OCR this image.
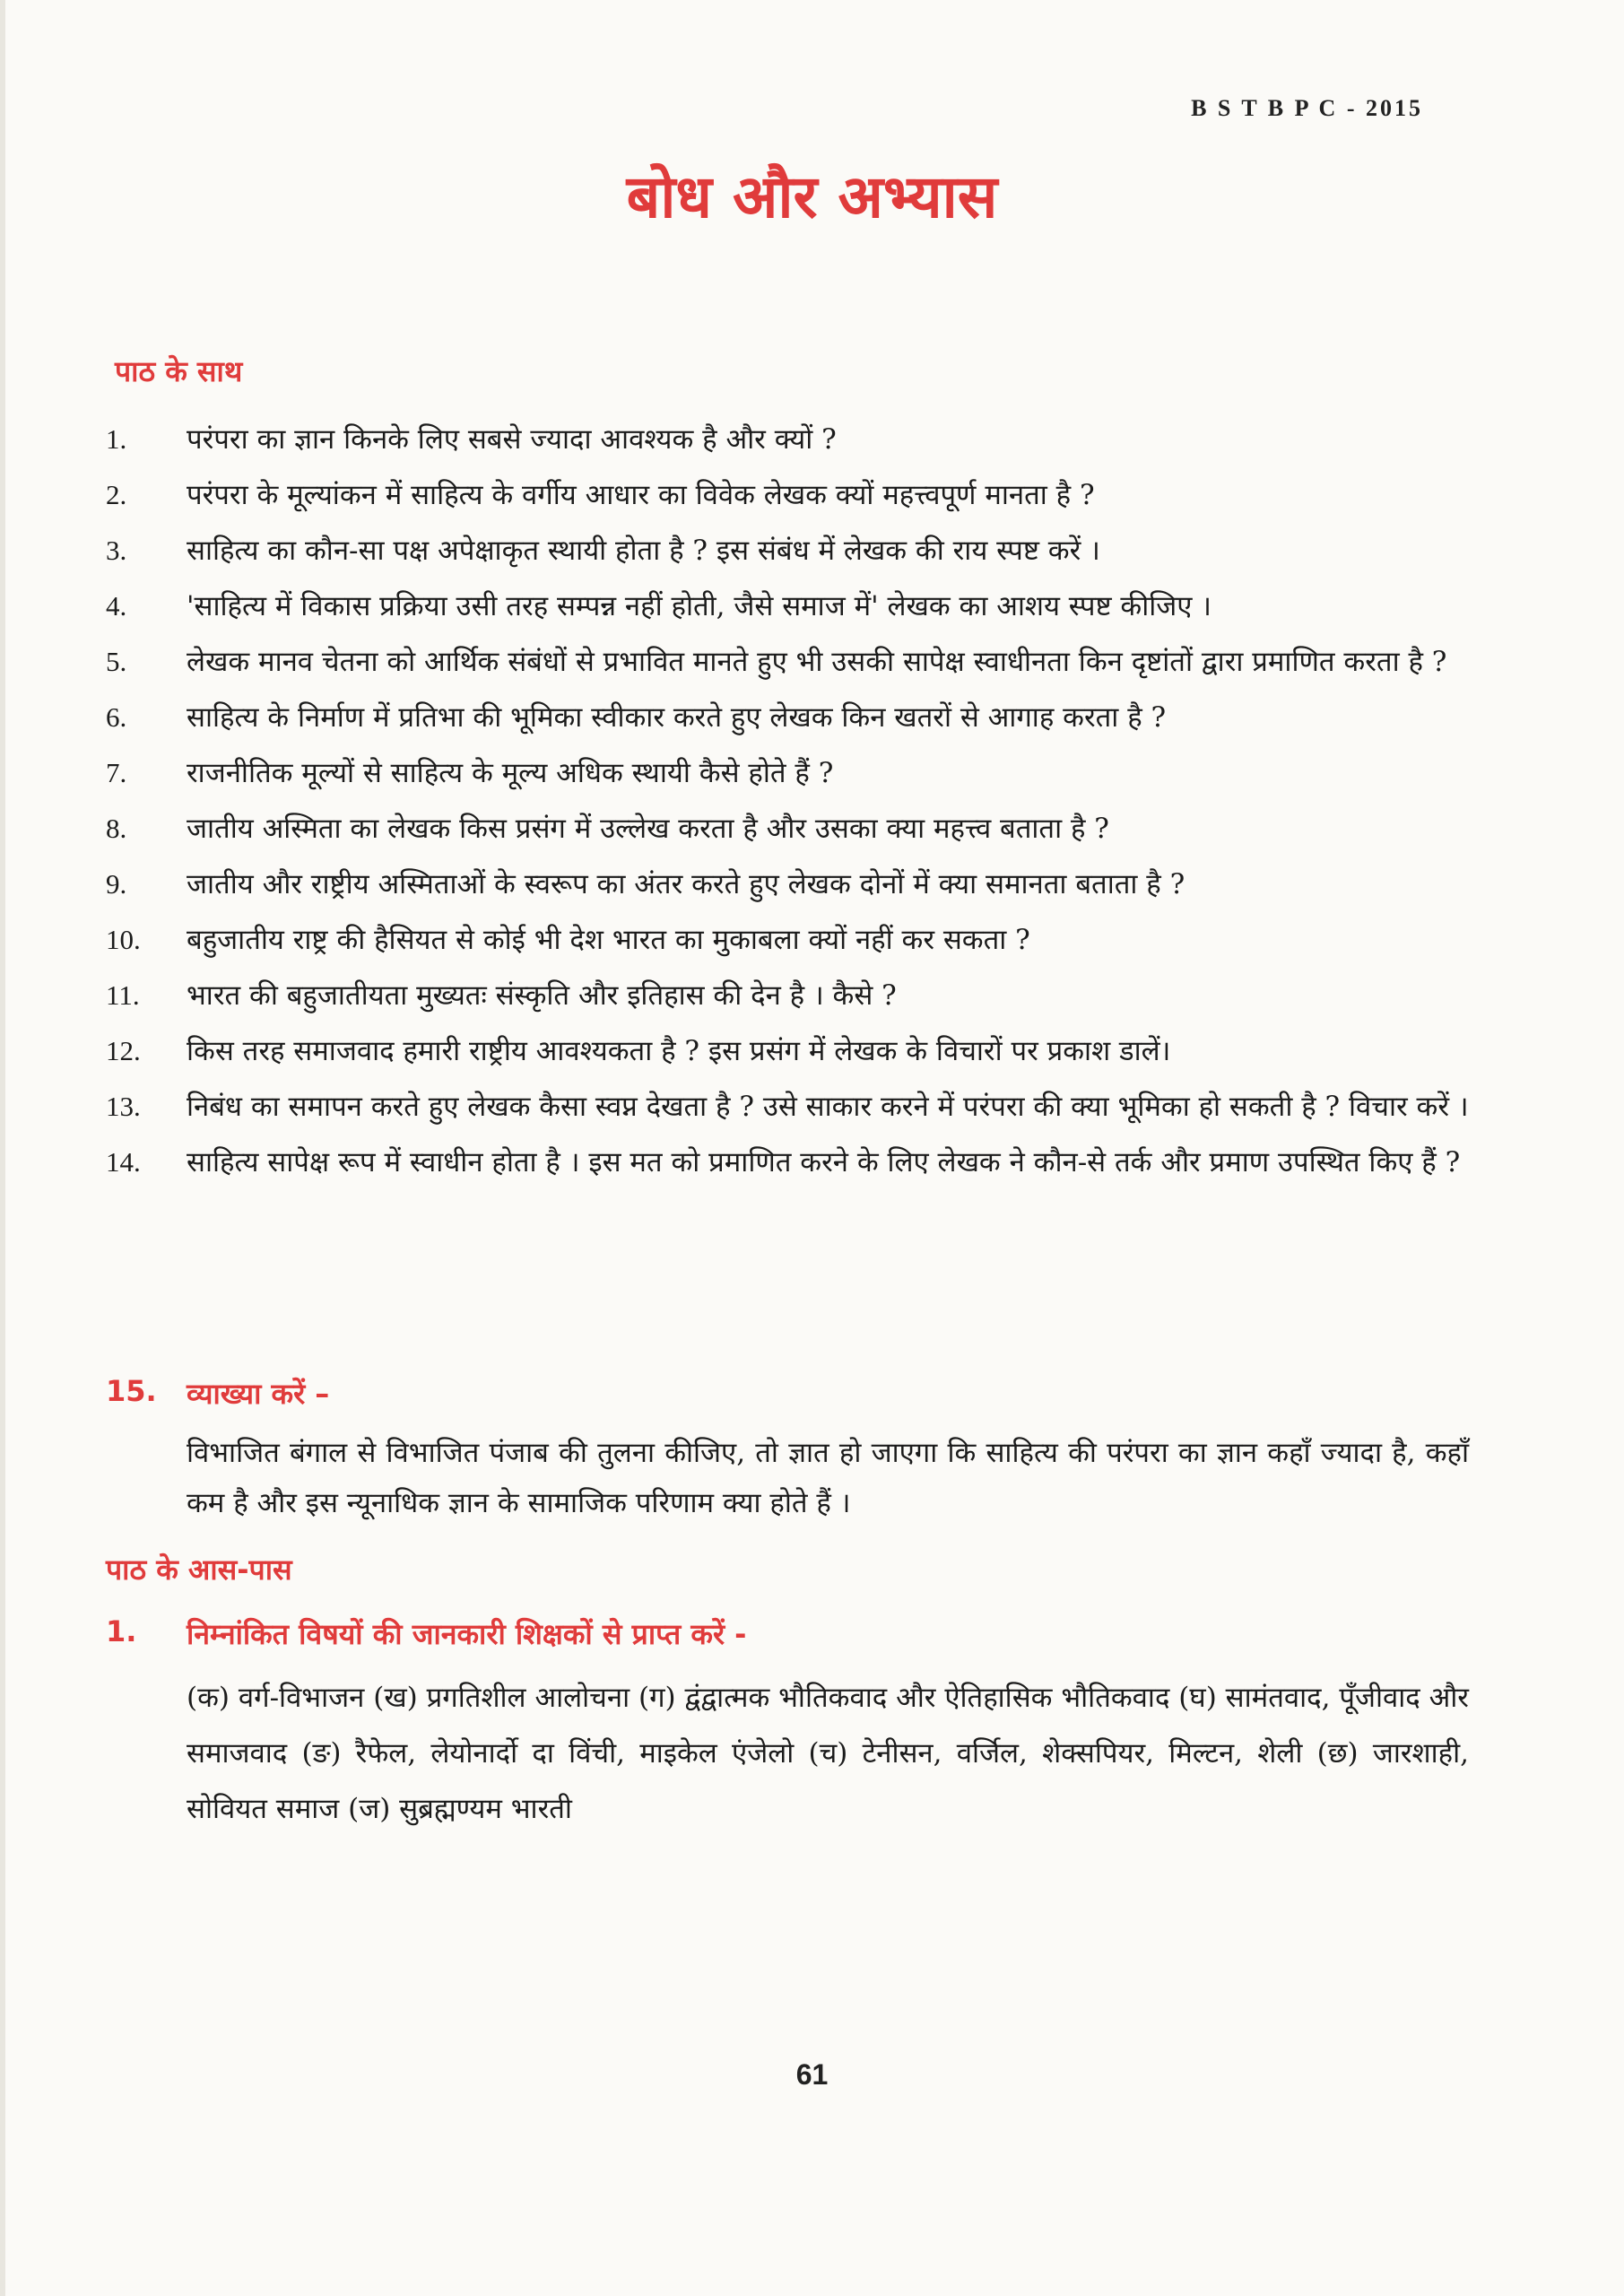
B S T B P C - 2015
बोध और अभ्यास
पाठ के साथ
1.	परंपरा का ज्ञान किनके लिए सबसे ज्यादा आवश्यक है और क्यों ?
2.	परंपरा के मूल्यांकन में साहित्य के वर्गीय आधार का विवेक लेखक क्यों महत्त्वपूर्ण मानता है ?
3.	साहित्य का कौन-सा पक्ष अपेक्षाकृत स्थायी होता है ? इस संबंध में लेखक की राय स्पष्ट करें ।
4.	'साहित्य में विकास प्रक्रिया उसी तरह सम्पन्न नहीं होती, जैसे समाज में' लेखक का आशय स्पष्ट कीजिए ।
5.	लेखक मानव चेतना को आर्थिक संबंधों से प्रभावित मानते हुए भी उसकी सापेक्ष स्वाधीनता किन दृष्टांतों द्वारा प्रमाणित करता है ?
6.	साहित्य के निर्माण में प्रतिभा की भूमिका स्वीकार करते हुए लेखक किन खतरों से आगाह करता है ?
7.	राजनीतिक मूल्यों से साहित्य के मूल्य अधिक स्थायी कैसे होते हैं ?
8.	जातीय अस्मिता का लेखक किस प्रसंग में उल्लेख करता है और उसका क्या महत्त्व बताता है ?
9.	जातीय और राष्ट्रीय अस्मिताओं के स्वरूप का अंतर करते हुए लेखक दोनों में क्या समानता बताता है ?
10.	बहुजातीय राष्ट्र की हैसियत से कोई भी देश भारत का मुकाबला क्यों नहीं कर सकता ?
11.	भारत की बहुजातीयता मुख्यतः संस्कृति और इतिहास की देन है । कैसे ?
12.	किस तरह समाजवाद हमारी राष्ट्रीय आवश्यकता है ? इस प्रसंग में लेखक के विचारों पर प्रकाश डालें।
13.	निबंध का समापन करते हुए लेखक कैसा स्वप्न देखता है ? उसे साकार करने में परंपरा की क्या भूमिका हो सकती है ? विचार करें ।
14.	साहित्य सापेक्ष रूप में स्वाधीन होता है । इस मत को प्रमाणित करने के लिए लेखक ने कौन-से तर्क और प्रमाण उपस्थित किए हैं ?
15.	व्याख्या करें –

विभाजित बंगाल से विभाजित पंजाब की तुलना कीजिए, तो ज्ञात हो जाएगा कि साहित्य की परंपरा का ज्ञान कहाँ ज्यादा है, कहाँ कम है और इस न्यूनाधिक ज्ञान के सामाजिक परिणाम क्या होते हैं ।

पाठ के आस-पास
1.	निम्नांकित विषयों की जानकारी शिक्षकों से प्राप्त करें -

(क) वर्ग-विभाजन (ख) प्रगतिशील आलोचना (ग) द्वंद्वात्मक भौतिकवाद और ऐतिहासिक भौतिकवाद (घ) सामंतवाद, पूँजीवाद और समाजवाद (ङ) रैफेल, लेयोनार्दो दा विंची, माइकेल एंजेलो (च) टेनीसन, वर्जिल, शेक्सपियर, मिल्टन, शेली (छ) जारशाही, सोवियत समाज (ज) सुब्रह्मण्यम भारती

61
